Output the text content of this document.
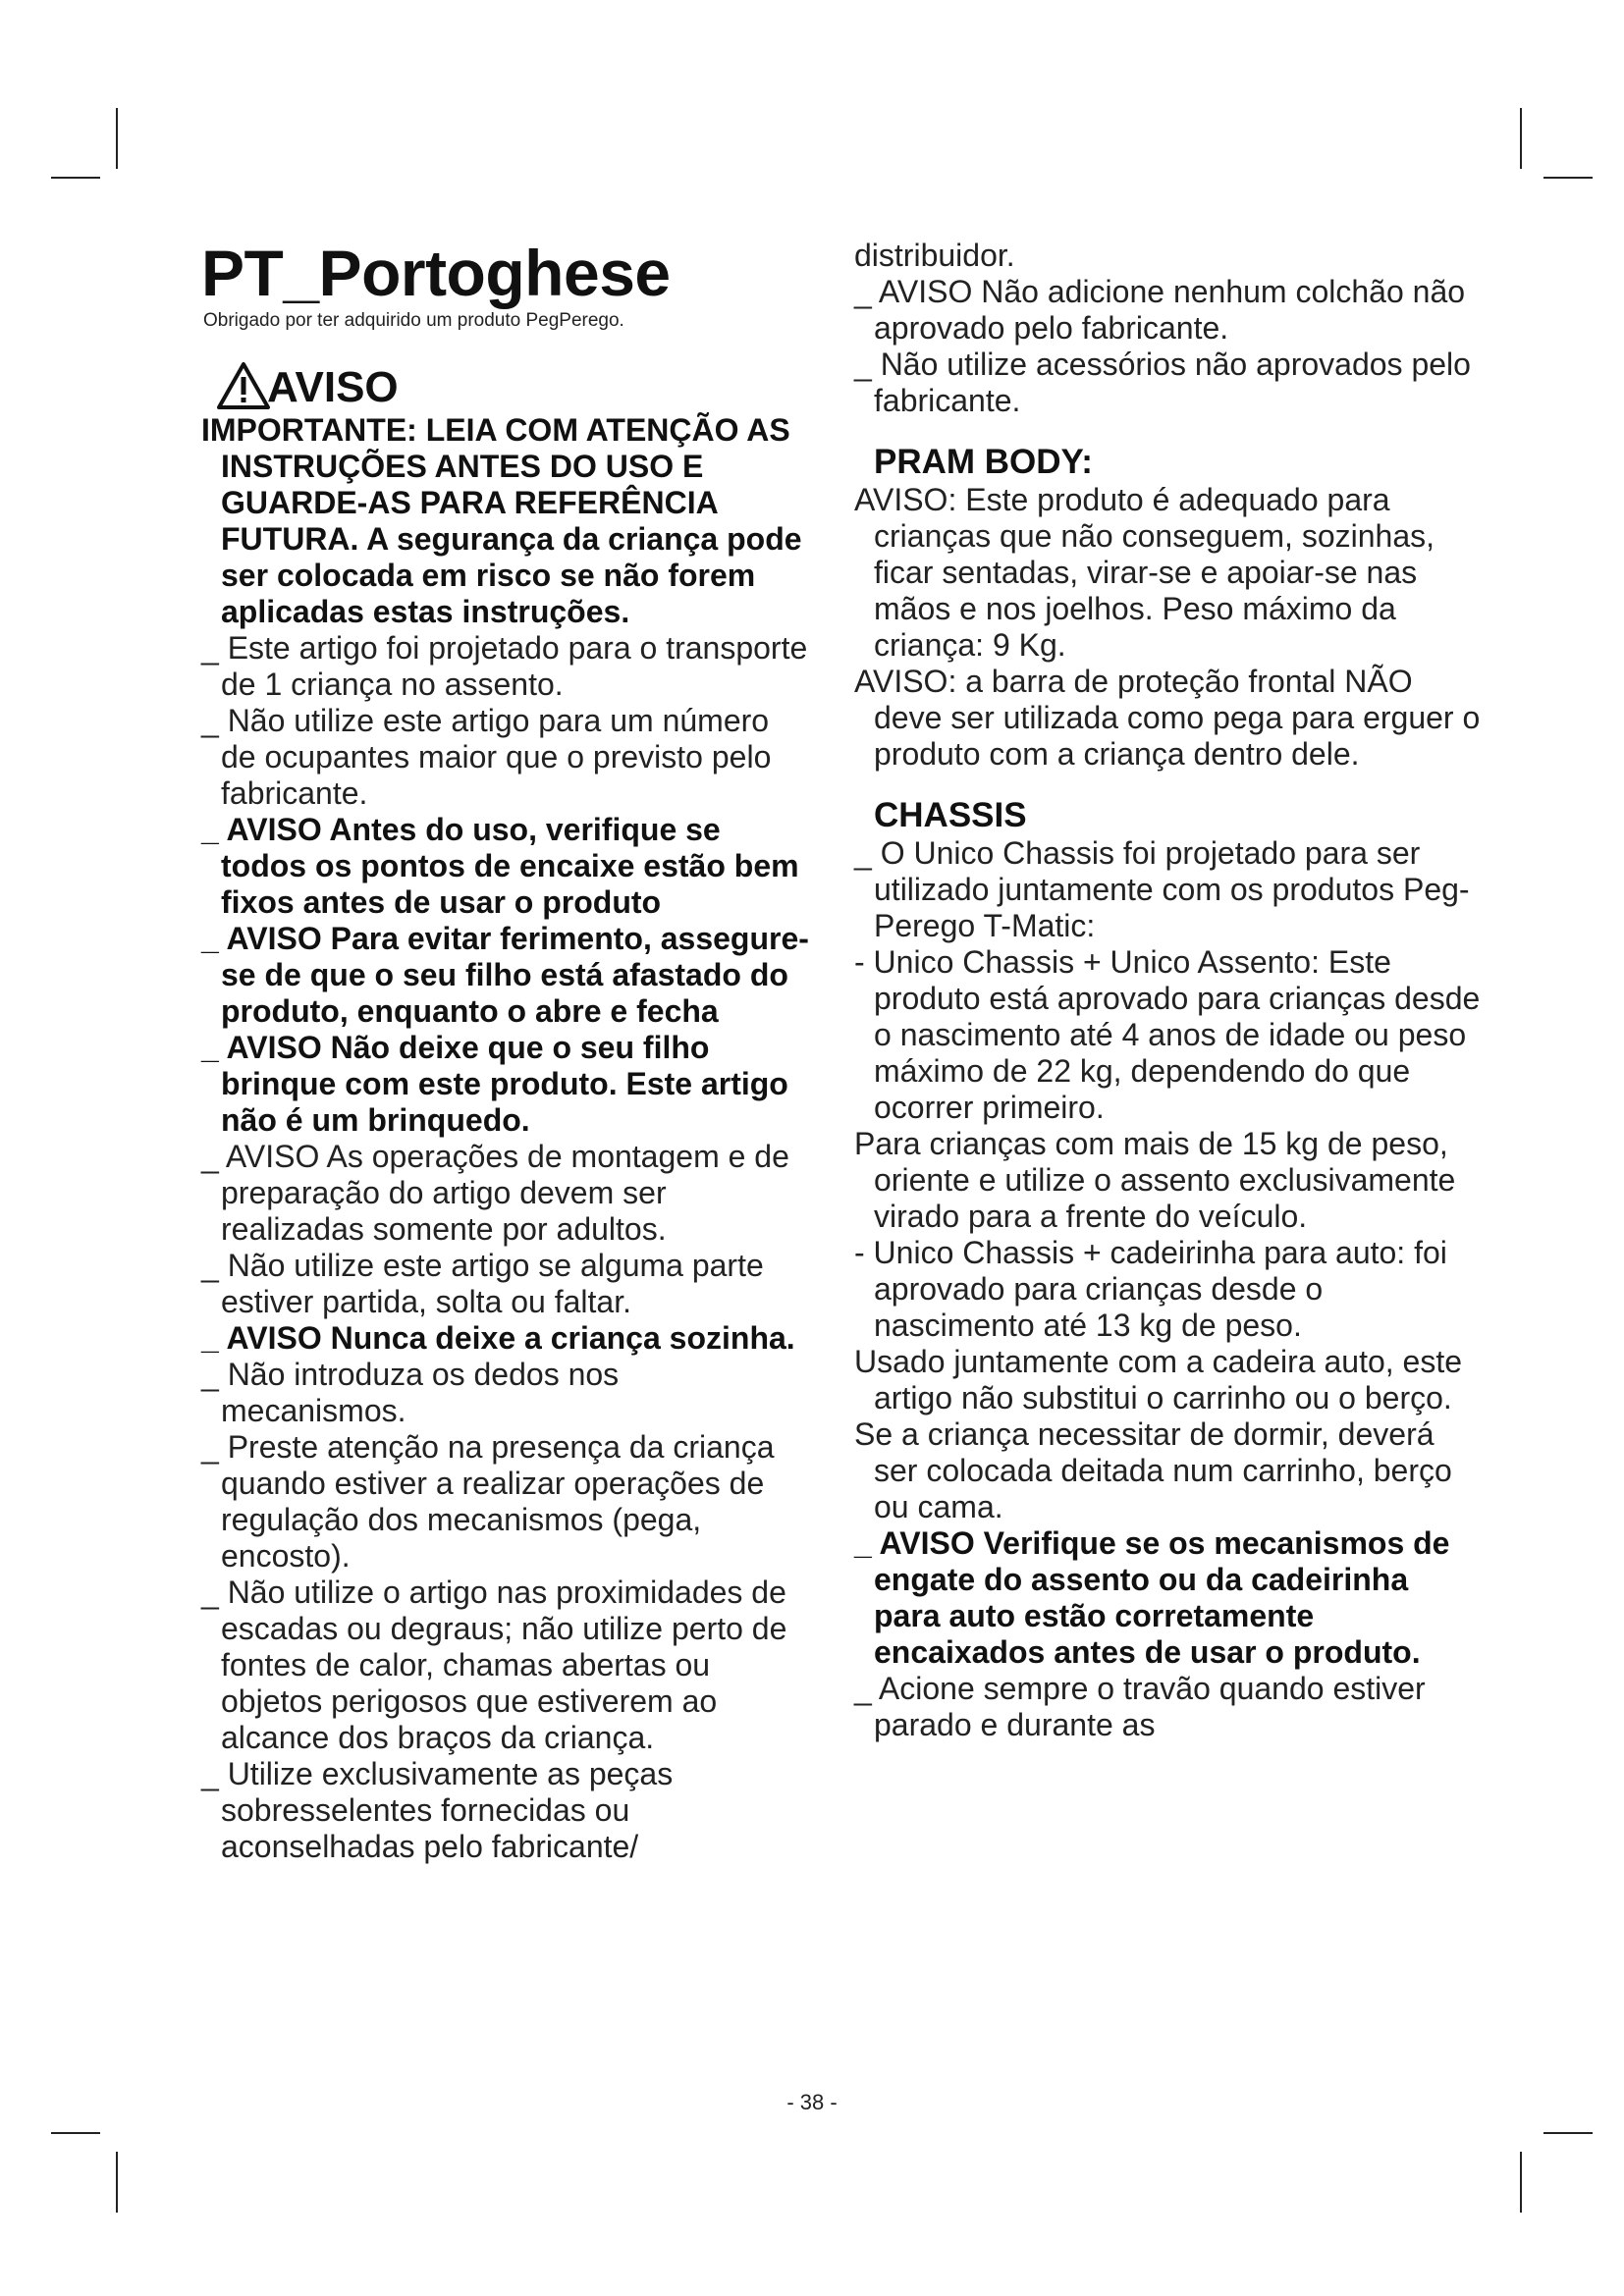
PT_Portoghese

Obrigado por ter adquirido um produto PegPerego.

AVISO

IMPORTANTE: LEIA COM ATENÇÃO AS INSTRUÇÕES ANTES DO USO E GUARDE-AS PARA REFERÊNCIA FUTURA. A segurança da criança pode ser colocada em risco se não forem aplicadas estas instruções.

_ Este artigo foi projetado para o transporte de 1 criança no assento.

_ Não utilize este artigo para um número de ocupantes maior que o previsto pelo fabricante.

_ AVISO Antes do uso, verifique se todos os pontos de encaixe estão bem fixos antes de usar o produto

_ AVISO Para evitar ferimento, assegure-se de que o seu filho está afastado do produto, enquanto o abre e fecha

_ AVISO Não deixe que o seu filho brinque com este produto. Este artigo não é um brinquedo.

_ AVISO As operações de montagem e de preparação do artigo devem ser realizadas somente por adultos.

_ Não utilize este artigo se alguma parte estiver partida, solta ou faltar.

_ AVISO Nunca deixe a criança sozinha.

_ Não introduza os dedos nos mecanismos.

_ Preste atenção na presença da criança quando estiver a realizar operações de regulação dos mecanismos (pega, encosto).

_ Não utilize o artigo nas proximidades de escadas ou degraus; não utilize perto de fontes de calor, chamas abertas ou objetos perigosos que estiverem ao alcance dos braços da criança.

_ Utilize exclusivamente as peças sobresselentes fornecidas ou aconselhadas pelo fabricante/

distribuidor.

_ AVISO Não adicione nenhum colchão não aprovado pelo fabricante.

_ Não utilize acessórios não aprovados pelo fabricante.

PRAM BODY:

AVISO: Este produto é adequado para crianças que não conseguem, sozinhas, ficar sentadas, virar-se e apoiar-se nas mãos e nos joelhos. Peso máximo da criança: 9 Kg.

AVISO: a barra de proteção frontal NÃO deve ser utilizada como pega para erguer o produto com a criança dentro dele.

CHASSIS

_ O Unico Chassis foi projetado para ser utilizado juntamente com os produtos Peg-Perego T-Matic:

- Unico Chassis + Unico Assento: Este produto está aprovado para crianças desde o nascimento até 4 anos de idade ou peso máximo de 22 kg, dependendo do que ocorrer primeiro.

Para crianças com mais de 15 kg de peso, oriente e utilize o assento exclusivamente virado para a frente do veículo.

- Unico Chassis + cadeirinha para auto: foi aprovado para crianças desde o nascimento até 13 kg de peso.

Usado juntamente com a cadeira auto, este artigo não substitui o carrinho ou o berço.

Se a criança necessitar de dormir, deverá ser colocada deitada num carrinho, berço ou cama.

_ AVISO Verifique se os mecanismos de engate do assento ou da cadeirinha para auto estão corretamente encaixados antes de usar o produto.

_ Acione sempre o travão quando estiver parado e durante as

- 38 -
